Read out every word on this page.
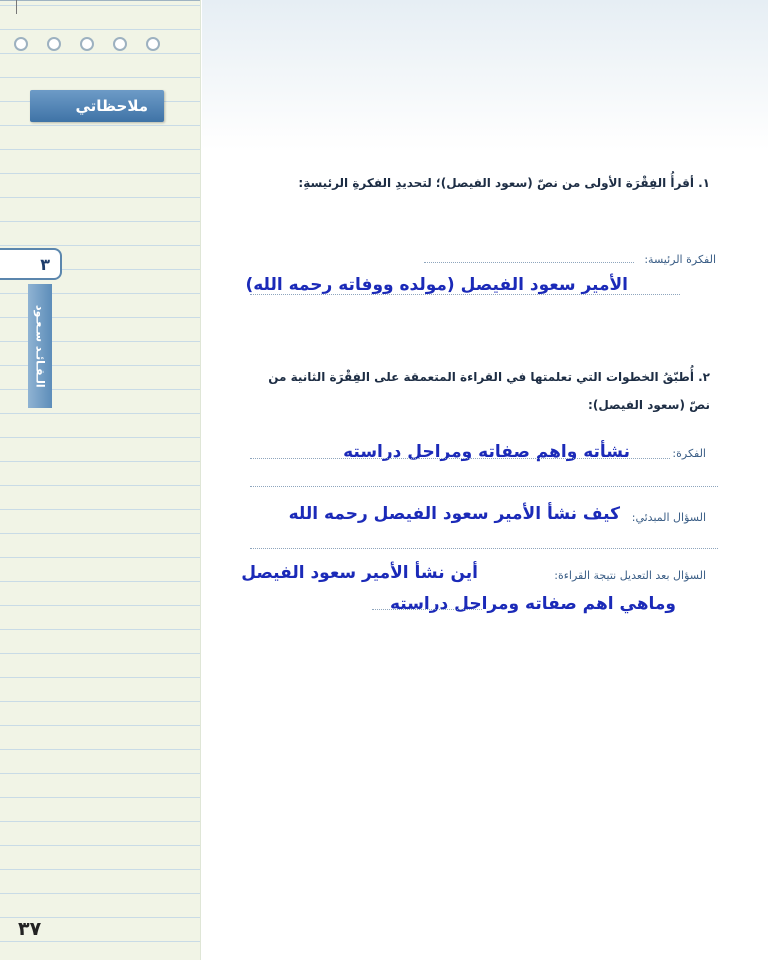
ملاحظاتي
٣
الـقـائـد سـعـود
٣٧
١. أقرأُ الفِقْرَة الأولى من نصّ (سعود الفيصل)؛ لتحديدِ الفكرةِ الرئيسةِ:
الفكرة الرئيسة:
الأمير سعود الفيصل (مولده ووفاته رحمه الله)
٢. أُطبّقُ الخطوات التي تعلمتها في القراءة المتعمقة على الفِقْرَة الثانية من
نصّ (سعود الفيصل):
الفكرة:
نشأته واهم صفاته ومراحل دراسته
السؤال المبدئي:
كيف نشأ الأمير سعود الفيصل رحمه الله
السؤال بعد التعديل نتيجة القراءة:
أين نشأ الأمير سعود الفيصل
وماهي اهم صفاته ومراحل دراسته
